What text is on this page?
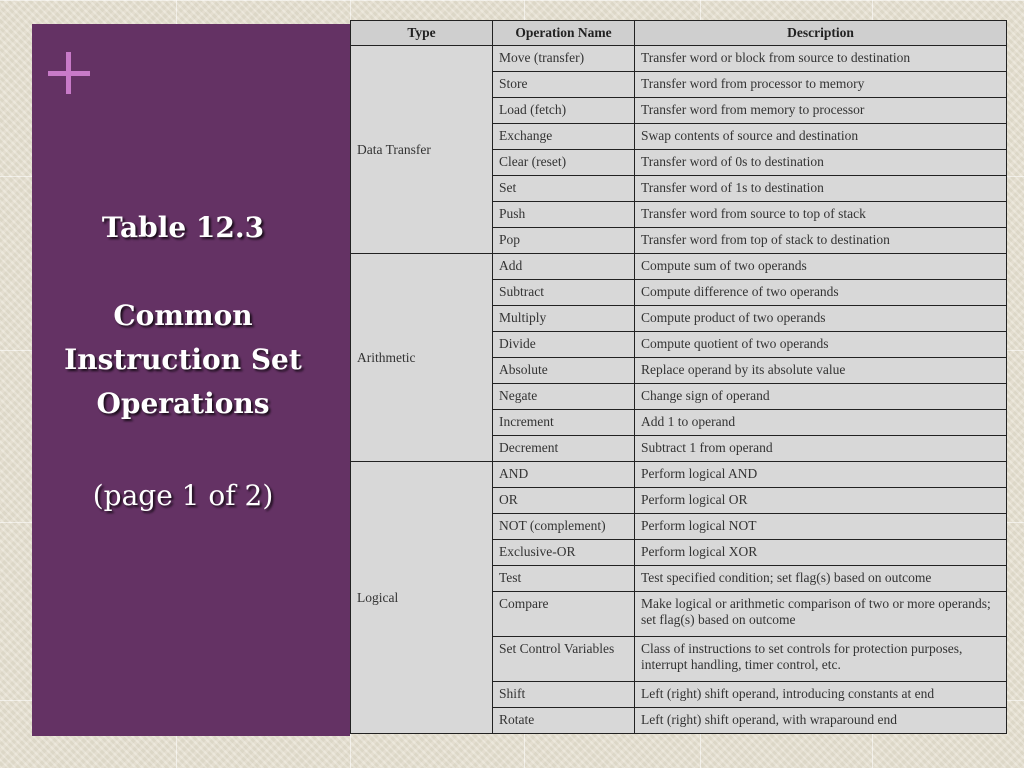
Table 12.3
Common
Instruction Set
Operations
(page 1 of 2)
Type	Operation Name	Description
Data Transfer	Move (transfer)	Transfer word or block from source to destination
	Store	Transfer word from processor to memory
	Load (fetch)	Transfer word from memory to processor
	Exchange	Swap contents of source and destination
	Clear (reset)	Transfer word of 0s to destination
	Set	Transfer word of 1s to destination
	Push	Transfer word from source to top of stack
	Pop	Transfer word from top of stack to destination
Arithmetic	Add	Compute sum of two operands
	Subtract	Compute difference of two operands
	Multiply	Compute product of two operands
	Divide	Compute quotient of two operands
	Absolute	Replace operand by its absolute value
	Negate	Change sign of operand
	Increment	Add 1 to operand
	Decrement	Subtract 1 from operand
Logical	AND	Perform logical AND
	OR	Perform logical OR
	NOT (complement)	Perform logical NOT
	Exclusive-OR	Perform logical XOR
	Test	Test specified condition; set flag(s) based on outcome
	Compare	Make logical or arithmetic comparison of two or more operands; set flag(s) based on outcome
	Set Control Variables	Class of instructions to set controls for protection purposes, interrupt handling, timer control, etc.
	Shift	Left (right) shift operand, introducing constants at end
	Rotate	Left (right) shift operand, with wraparound end
